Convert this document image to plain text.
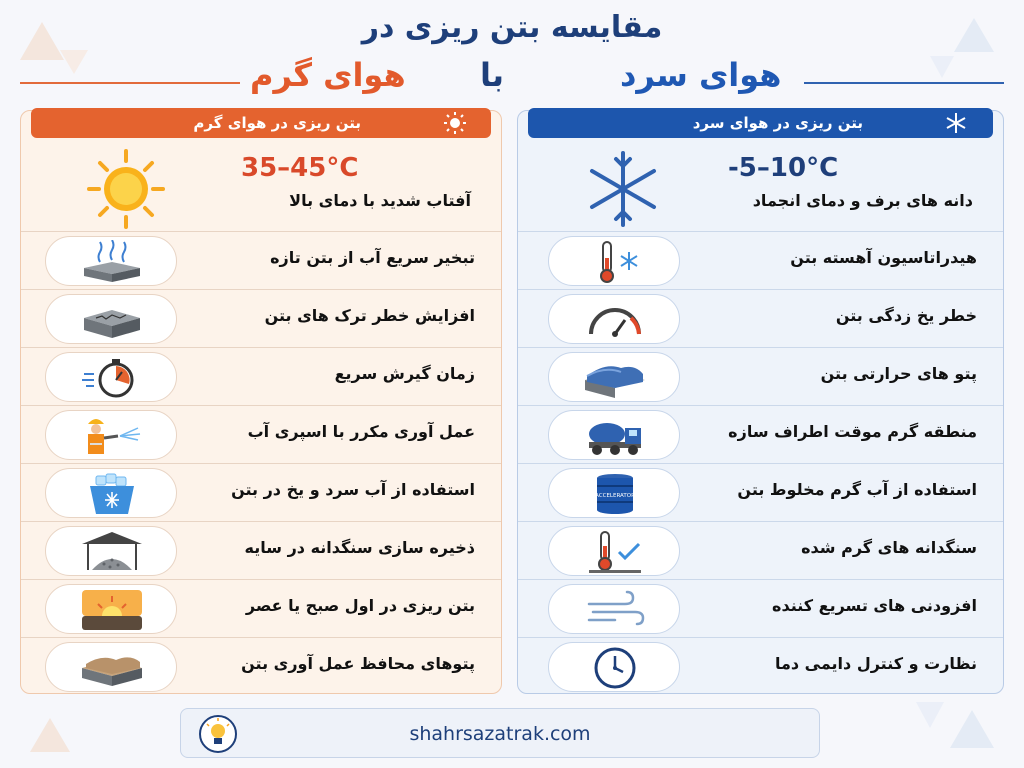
مقایسه بتن ریزی در
هوای گرم با	هوای سرد
بتن ریزی در هوای گرم
35–45°C
آفتاب شدید با دمای بالا
تبخیر سریع آب از بتن تازه
افزایش خطر ترک های بتن
زمان گیرش سریع
عمل آوری مکرر با اسپری آب
استفاده از آب سرد و یخ در بتن
ذخیره سازی سنگدانه در سایه
بتن ریزی در اول صبح یا عصر
پتوهای محافظ عمل آوری بتن
بتن ریزی در هوای سرد
-5–10°C
دانه های برف و دمای انجماد
هیدراتاسیون آهسته بتن
خطر یخ زدگی بتن
پتو های حرارتی بتن
منطقه گرم موقت اطراف سازه
ACCELERATOR	استفاده از آب گرم مخلوط بتن
سنگدانه های گرم شده
افزودنی های تسریع کننده
نظارت و کنترل دایمی دما
shahrsazatrak.com
